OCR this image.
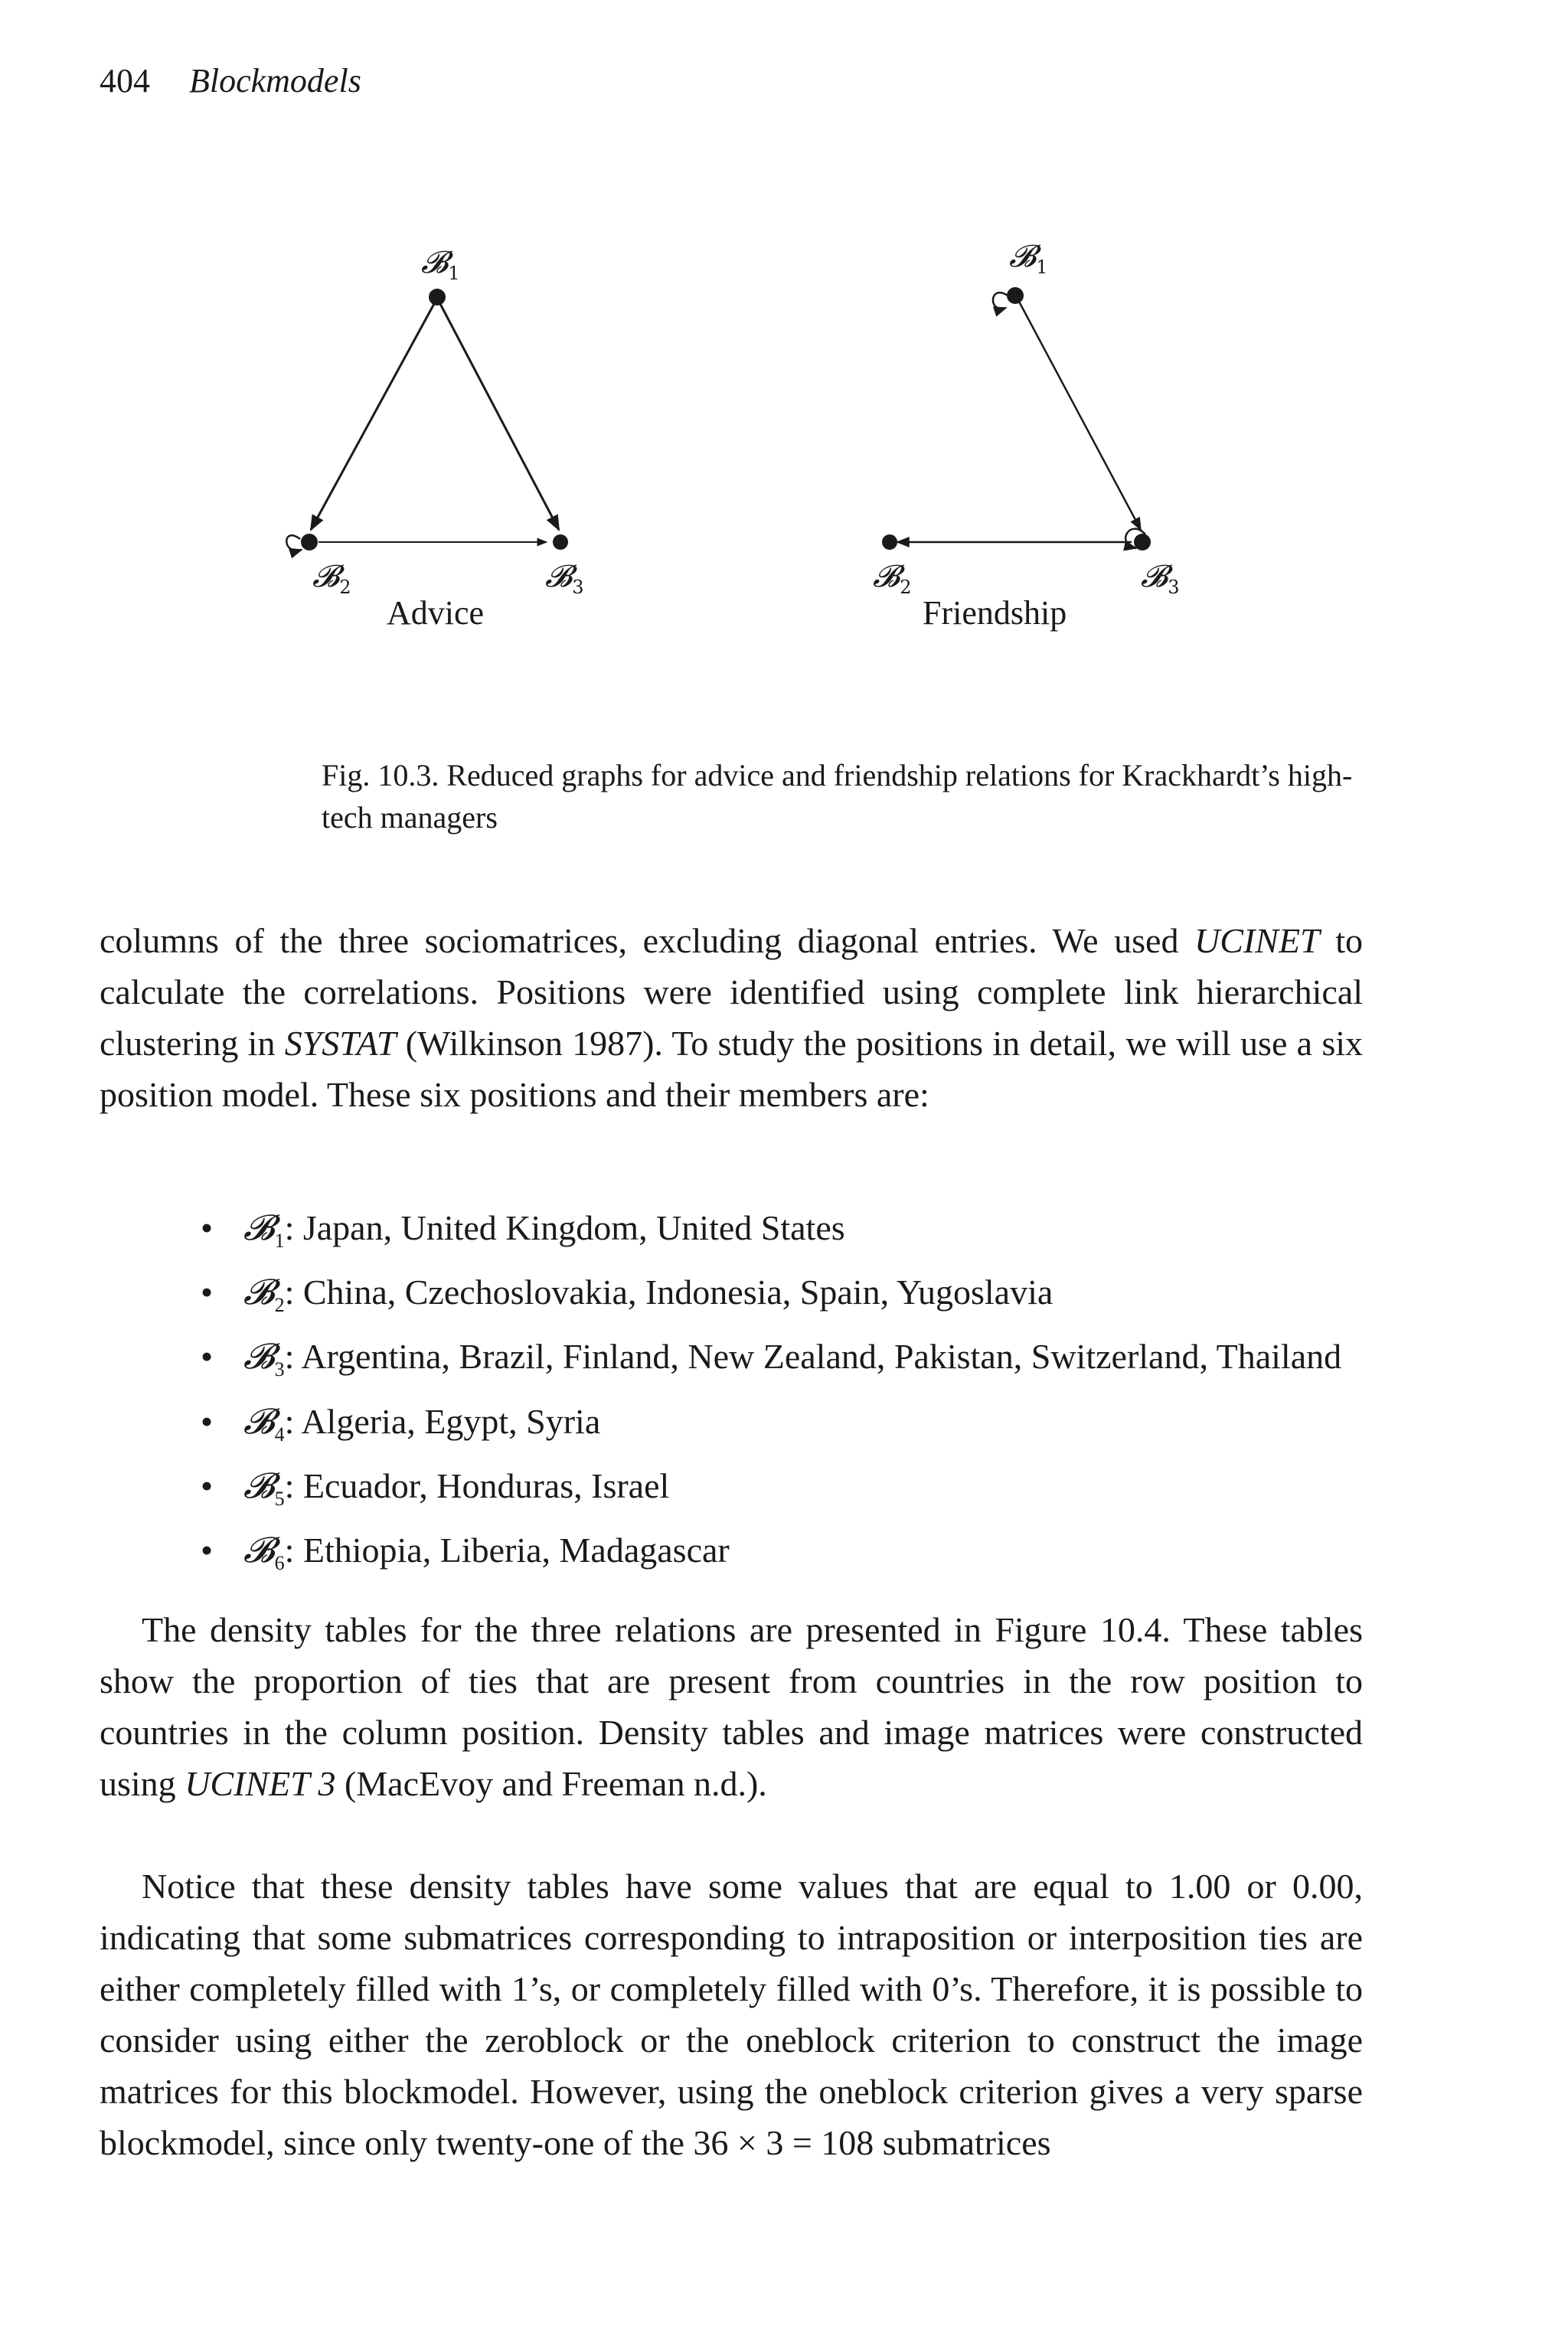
404 Blockmodels
𝓑$_1$
𝓑$_2$	𝓑$_3$
Advice
𝓑$_1$
𝓑$_2$	𝓑$_3$
Friendship
Fig. 10.3. Reduced graphs for advice and friendship relations for Krackhardt’s high-tech managers

columns of the three sociomatrices, excluding diagonal entries. We used UCINET to calculate the correlations. Positions were identified using complete link hierarchical clustering in SYSTAT (Wilkinson 1987). To study the positions in detail, we will use a six position model. These six positions and their members are:

• 𝓑$_1$: Japan, United Kingdom, United States
• 𝓑$_2$: China, Czechoslovakia, Indonesia, Spain, Yugoslavia
• 𝓑$_3$: Argentina, Brazil, Finland, New Zealand, Pakistan, Switzerland, Thailand
• 𝓑$_4$: Algeria, Egypt, Syria
• 𝓑$_5$: Ecuador, Honduras, Israel
• 𝓑$_6$: Ethiopia, Liberia, Madagascar

The density tables for the three relations are presented in Figure 10.4. These tables show the proportion of ties that are present from countries in the row position to countries in the column position. Density tables and image matrices were constructed using UCINET 3 (MacEvoy and Freeman n.d.).

Notice that these density tables have some values that are equal to 1.00 or 0.00, indicating that some submatrices corresponding to intraposition or interposition ties are either completely filled with 1’s, or completely filled with 0’s. Therefore, it is possible to consider using either the zeroblock or the oneblock criterion to construct the image matrices for this blockmodel. However, using the oneblock criterion gives a very sparse blockmodel, since only twenty-one of the 36 × 3 = 108 submatrices
